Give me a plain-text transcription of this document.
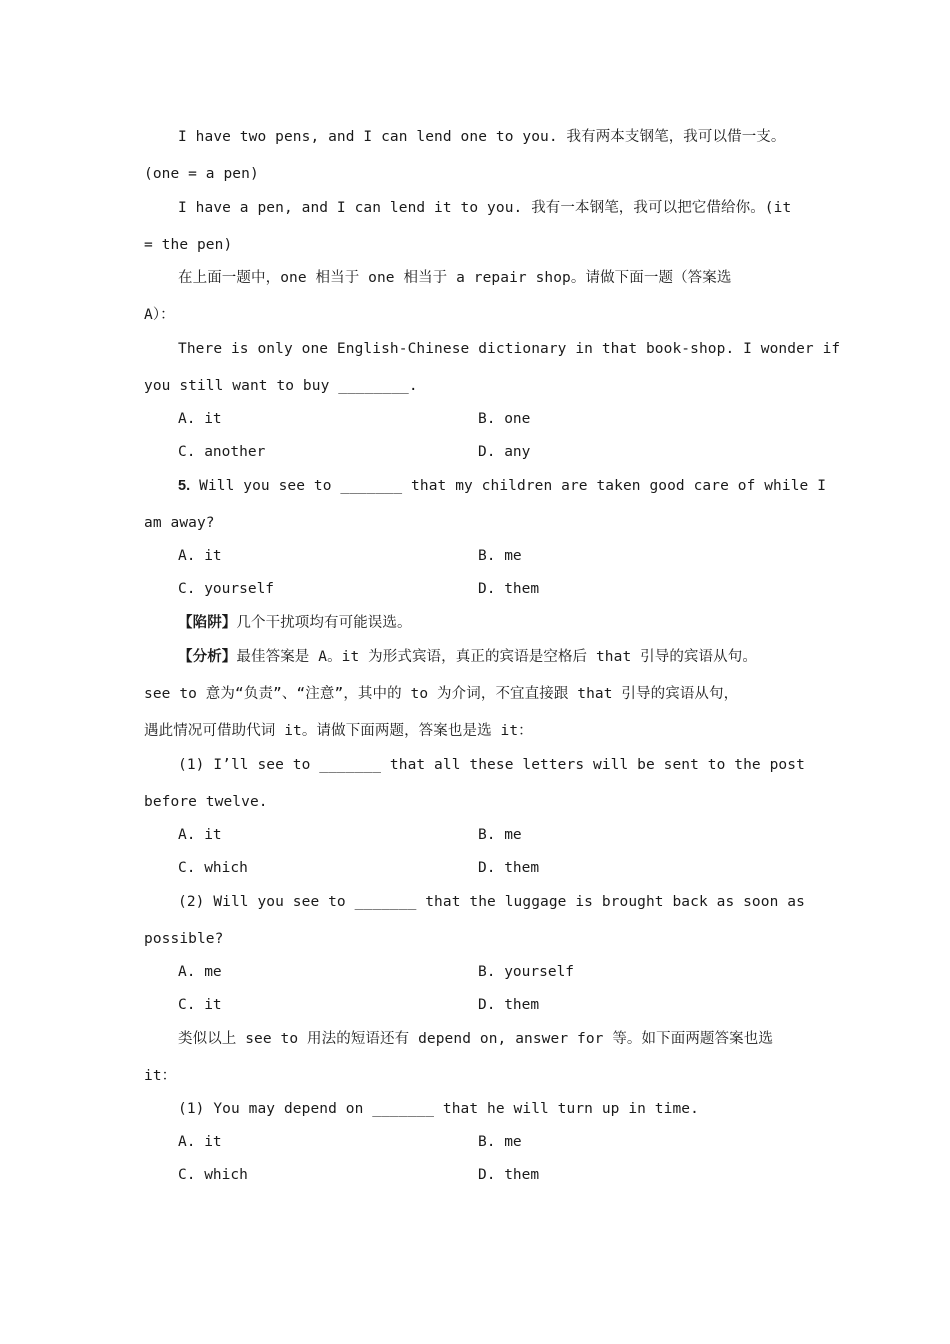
I have two pens, and I can lend one to you. 我有两本支钢笔，我可以借一支。
(one = a pen)
I have a pen, and I can lend it to you. 我有一本钢笔，我可以把它借给你。(it
= the pen)
在上面一题中，one 相当于 one 相当于 a repair shop。请做下面一题（答案选
A）：
There is only one English-Chinese dictionary in that book-shop. I wonder if
you still want to buy ________.
A. it	B. one
C. another	D. any
5. Will you see to _______ that my children are taken good care of while I
am away?
A. it	B. me
C. yourself	D. them
【陷阱】几个干扰项均有可能误选。
【分析】最佳答案是 A。it 为形式宾语，真正的宾语是空格后 that 引导的宾语从句。
see to 意为“负责”、“注意”，其中的 to 为介词，不宜直接跟 that 引导的宾语从句，
遇此情况可借助代词 it。请做下面两题，答案也是选 it：
(1) I’ll see to _______ that all these letters will be sent to the post
before twelve.
A. it	B. me
C. which	D. them
(2) Will you see to _______ that the luggage is brought back as soon as
possible?
A. me	B. yourself
C. it	D. them
类似以上 see to 用法的短语还有 depend on, answer for 等。如下面两题答案也选
it：
(1) You may depend on _______ that he will turn up in time.
A. it	B. me
C. which	D. them
